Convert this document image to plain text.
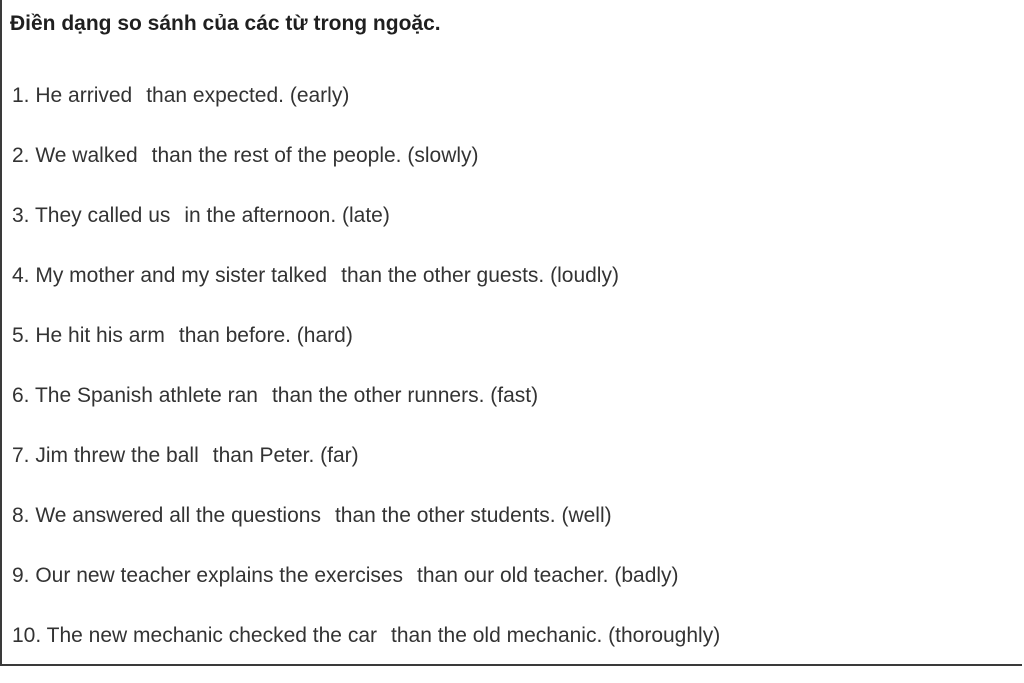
Điền dạng so sánh của các từ trong ngoặc.
1. He arrived than expected. (early)
2. We walked than the rest of the people. (slowly)
3. They called us in the afternoon. (late)
4. My mother and my sister talked than the other guests. (loudly)
5. He hit his arm than before. (hard)
6. The Spanish athlete ran than the other runners. (fast)
7. Jim threw the ball than Peter. (far)
8. We answered all the questions than the other students. (well)
9. Our new teacher explains the exercises than our old teacher. (badly)
10. The new mechanic checked the car than the old mechanic. (thoroughly)
